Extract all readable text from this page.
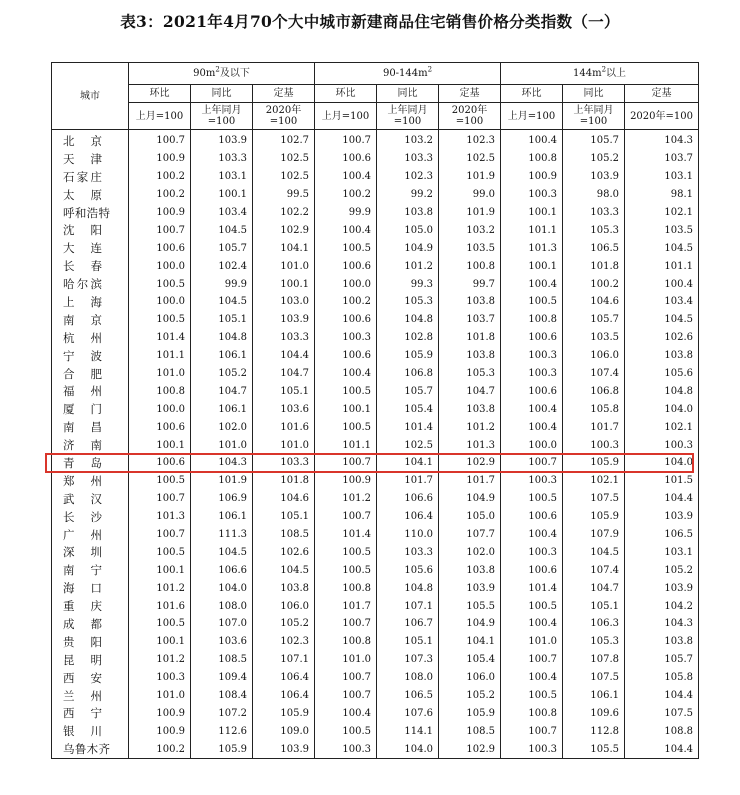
表3：2021年4月70个大中城市新建商品住宅销售价格分类指数（一）
城市	$90m^2$及以下			$90-144m^2$			$144m^2$以上		
	环比	同比	定基	环比	同比	定基	环比	同比	定基
	上月=100	上年同月=100	2020年=100	上月=100	上年同月=100	2020年=100	上月=100	上年同月=100	2020年=100
北京	100.7	103.9	102.7	100.7	103.2	102.3	100.4	105.7	104.3
天津	100.9	103.3	102.5	100.6	103.3	102.5	100.8	105.2	103.7
石家庄	100.2	103.1	102.5	100.4	102.3	101.9	100.9	103.9	103.1
太原	100.2	100.1	99.5	100.2	99.2	99.0	100.3	98.0	98.1
呼和浩特	100.9	103.4	102.2	99.9	103.8	101.9	100.1	103.3	102.1
沈阳	100.7	104.5	102.9	100.4	105.0	103.2	101.1	105.3	103.5
大连	100.6	105.7	104.1	100.5	104.9	103.5	101.3	106.5	104.5
长春	100.0	102.4	101.0	100.6	101.2	100.8	100.1	101.8	101.1
哈尔滨	100.5	99.9	100.1	100.0	99.3	99.7	100.4	100.2	100.4
上海	100.0	104.5	103.0	100.2	105.3	103.8	100.5	104.6	103.4
南京	100.5	105.1	103.9	100.6	104.8	103.7	100.8	105.7	104.5
杭州	101.4	104.8	103.3	100.3	102.8	101.8	100.6	103.5	102.6
宁波	101.1	106.1	104.4	100.6	105.9	103.8	100.3	106.0	103.8
合肥	101.0	105.2	104.7	100.4	106.8	105.3	100.3	107.4	105.6
福州	100.8	104.7	105.1	100.5	105.7	104.7	100.6	106.8	104.8
厦门	100.0	106.1	103.6	100.1	105.4	103.8	100.4	105.8	104.0
南昌	100.6	102.0	101.6	100.5	101.4	101.2	100.4	101.7	102.1
济南	100.1	101.0	101.0	101.1	102.5	101.3	100.0	100.3	100.3
青岛	100.6	104.3	103.3	100.7	104.1	102.9	100.7	105.9	104.0
郑州	100.5	101.9	101.8	100.9	101.7	101.7	100.3	102.1	101.5
武汉	100.7	106.9	104.6	101.2	106.6	104.9	100.5	107.5	104.4
长沙	101.3	106.1	105.1	100.7	106.4	105.0	100.6	105.9	103.9
广州	100.7	111.3	108.5	101.4	110.0	107.7	100.4	107.9	106.5
深圳	100.5	104.5	102.6	100.5	103.3	102.0	100.3	104.5	103.1
南宁	100.1	106.6	104.5	100.5	105.6	103.8	100.6	107.4	105.2
海口	101.2	104.0	103.8	100.8	104.8	103.9	101.4	104.7	103.9
重庆	101.6	108.0	106.0	101.7	107.1	105.5	100.5	105.1	104.2
成都	100.5	107.0	105.2	100.7	106.7	104.9	100.4	106.3	104.3
贵阳	100.1	103.6	102.3	100.8	105.1	104.1	101.0	105.3	103.8
昆明	101.2	108.5	107.1	101.0	107.3	105.4	100.7	107.8	105.7
西安	100.3	109.4	106.4	100.7	108.0	106.0	100.4	107.5	105.8
兰州	101.0	108.4	106.4	100.7	106.5	105.2	100.5	106.1	104.4
西宁	100.9	107.2	105.9	100.4	107.6	105.9	100.8	109.6	107.5
银川	100.9	112.6	109.0	100.5	114.1	108.5	100.7	112.8	108.8
乌鲁木齐	100.2	105.9	103.9	100.3	104.0	102.9	100.3	105.5	104.4
